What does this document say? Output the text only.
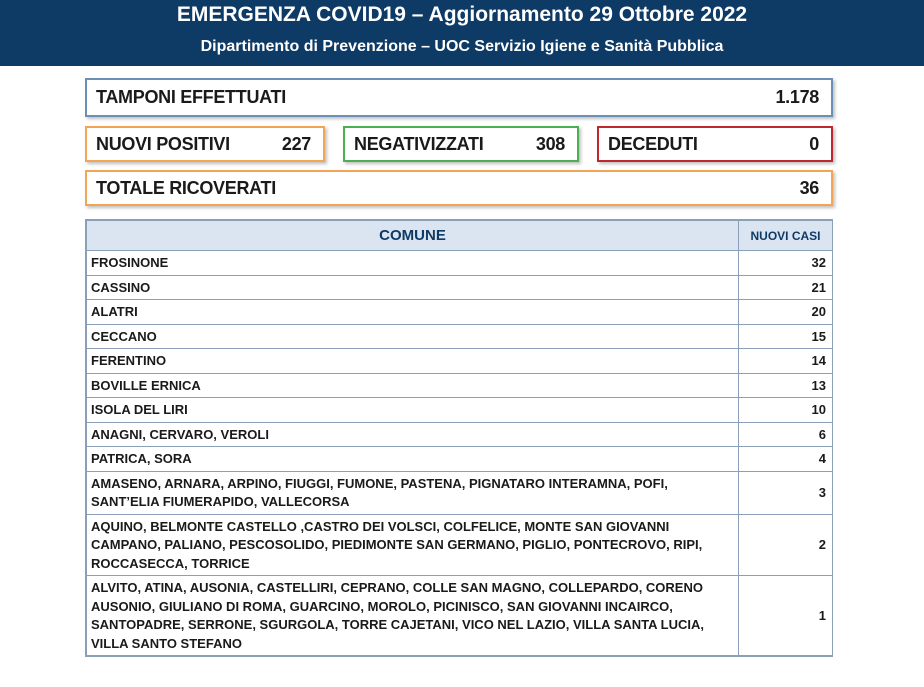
EMERGENZA COVID19 – Aggiornamento 29 Ottobre 2022
Dipartimento di Prevenzione – UOC Servizio Igiene e Sanità Pubblica
TAMPONI EFFETTUATI	1.178
NUOVI POSITIVI	227 NEGATIVIZZATI	308 DECEDUTI	0
TOTALE RICOVERATI	36
COMUNE	NUOVI CASI
FROSINONE	32
CASSINO	21
ALATRI	20
CECCANO	15
FERENTINO	14
BOVILLE ERNICA	13
ISOLA DEL LIRI	10
ANAGNI, CERVARO, VEROLI	6
PATRICA, SORA	4
AMASENO, ARNARA, ARPINO, FIUGGI, FUMONE, PASTENA, PIGNATARO INTERAMNA, POFI, SANT’ELIA FIUMERAPIDO, VALLECORSA	3
AQUINO, BELMONTE CASTELLO ,CASTRO DEI VOLSCI, COLFELICE, MONTE SAN GIOVANNI CAMPANO, PALIANO, PESCOSOLIDO, PIEDIMONTE SAN GERMANO, PIGLIO, PONTECROVO, RIPI, ROCCASECCA, TORRICE	2
ALVITO, ATINA, AUSONIA, CASTELLIRI, CEPRANO, COLLE SAN MAGNO, COLLEPARDO, CORENO AUSONIO, GIULIANO DI ROMA, GUARCINO, MOROLO, PICINISCO, SAN GIOVANNI INCAIRCO, SANTOPADRE, SERRONE, SGURGOLA, TORRE CAJETANI, VICO NEL LAZIO, VILLA SANTA LUCIA, VILLA SANTO STEFANO	1
